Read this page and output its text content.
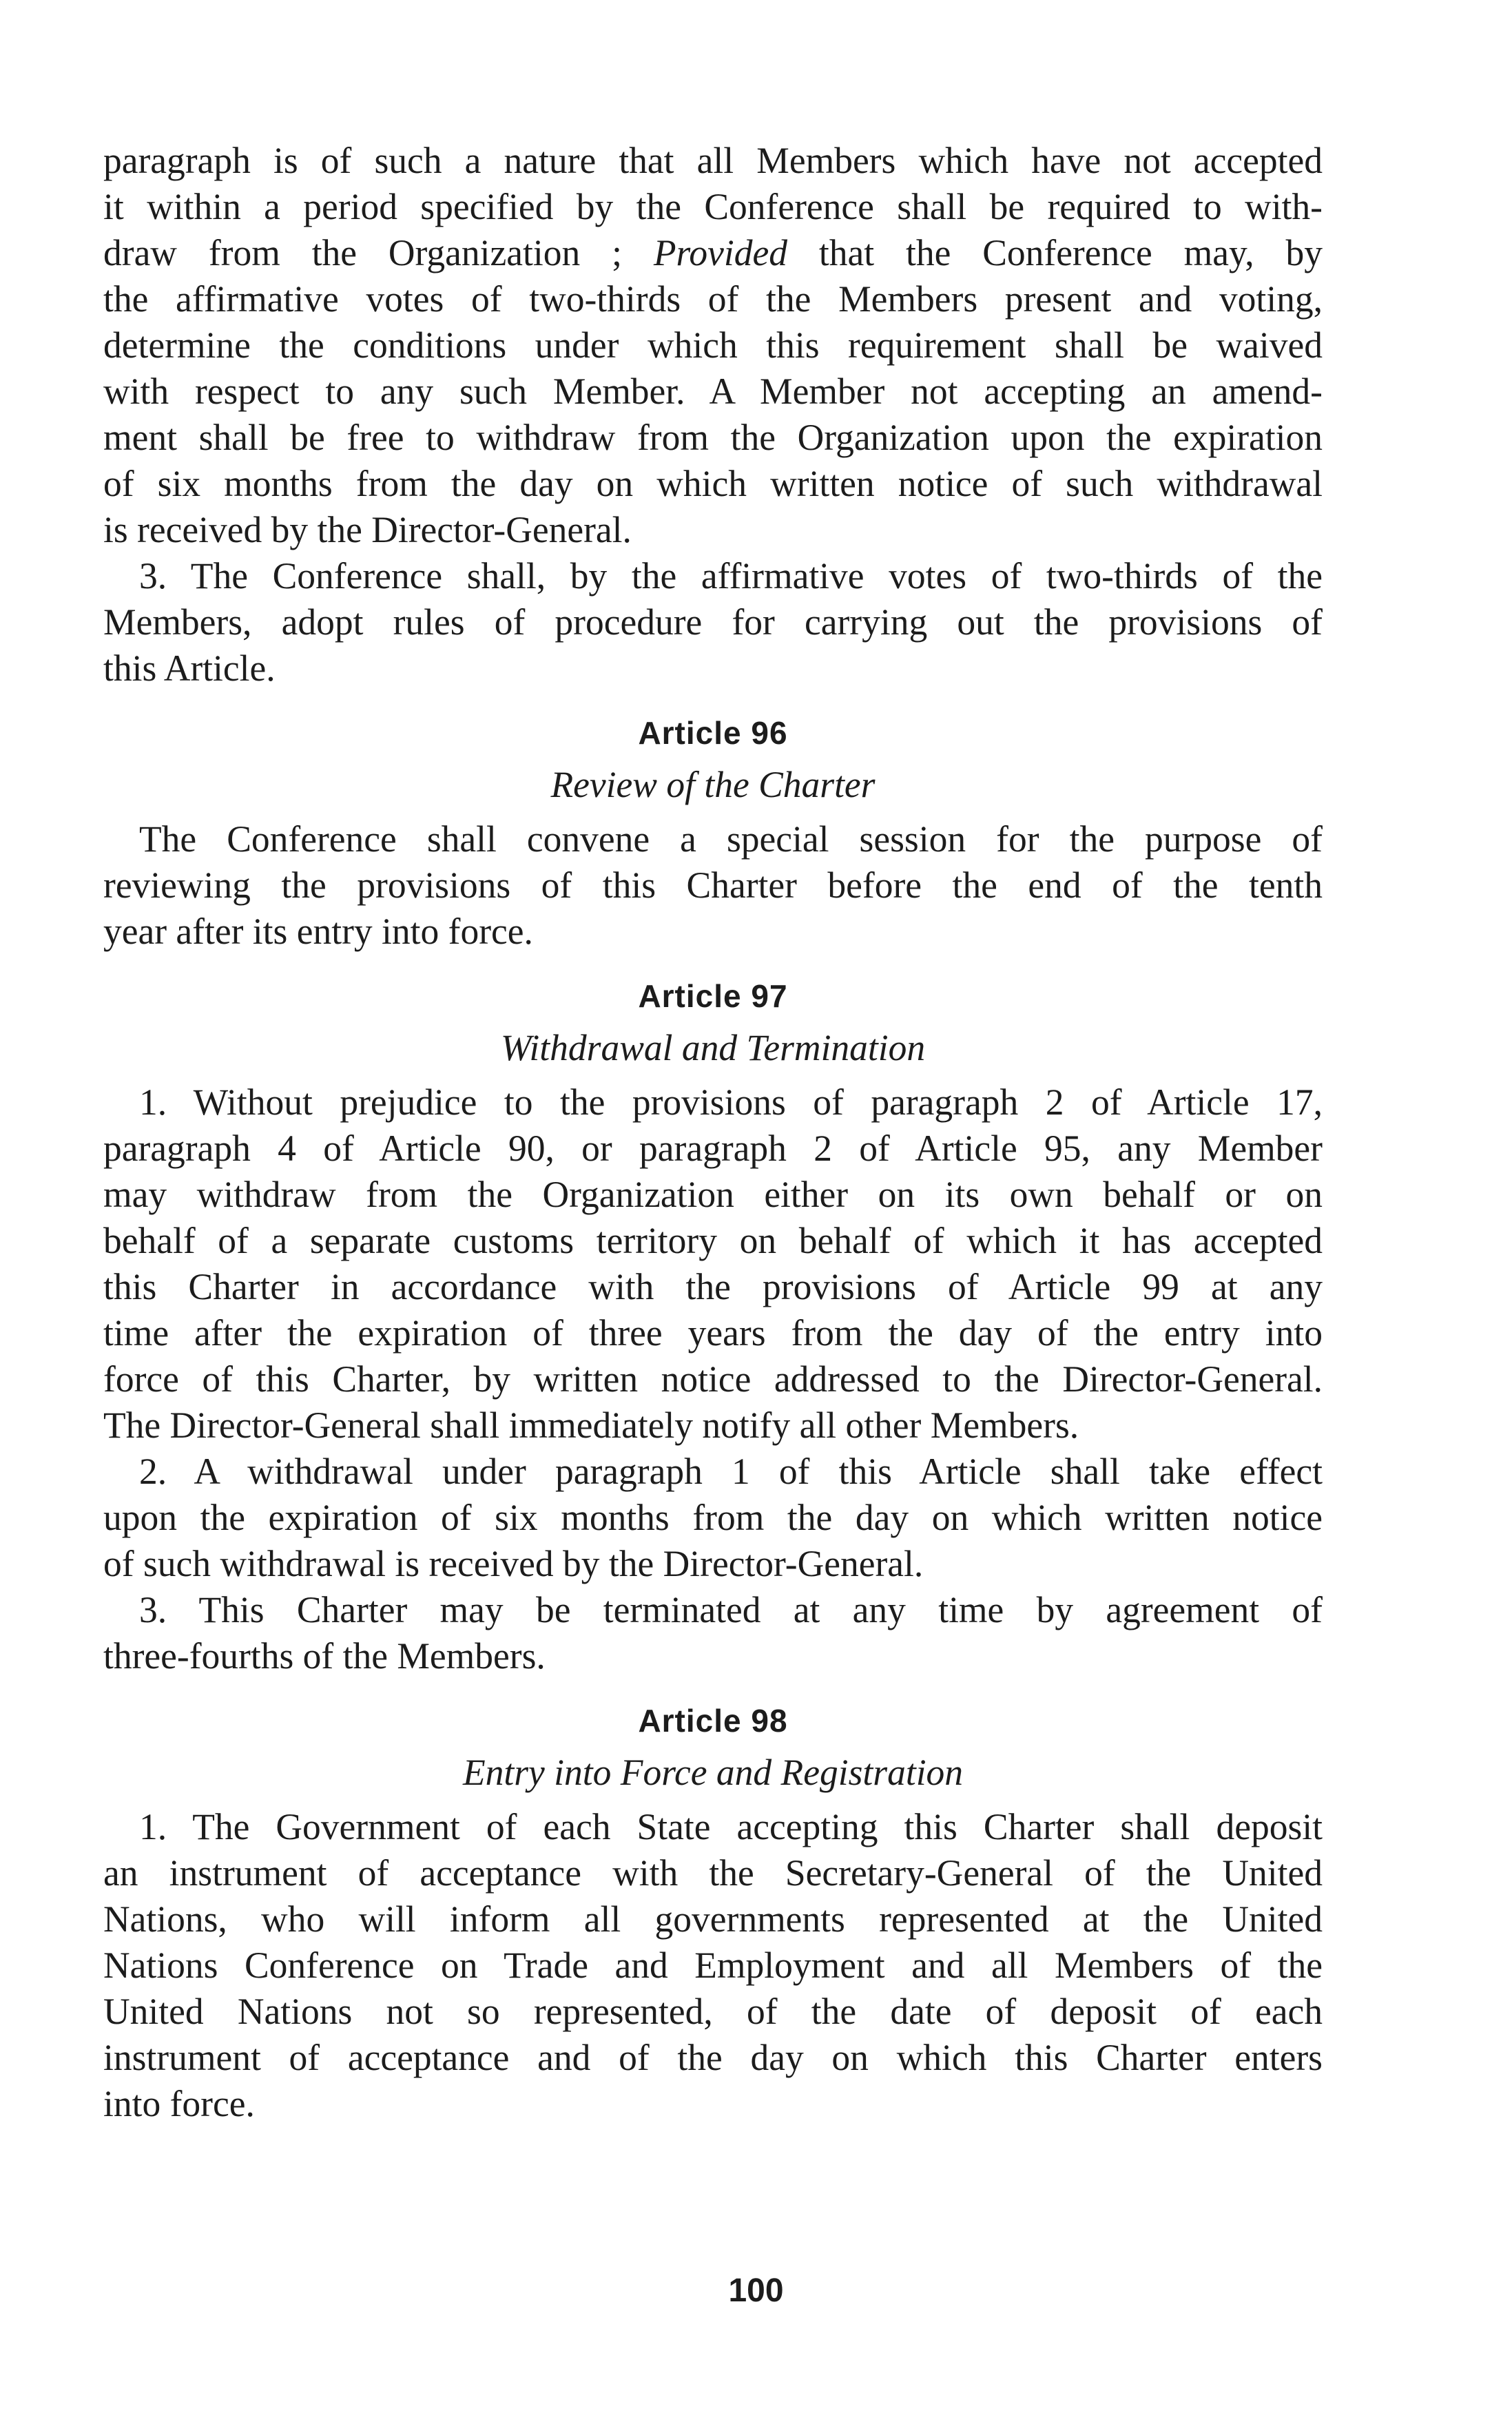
paragraph is of such a nature that all Members which have not accepted
it within a period specified by the Conference shall be required to with-
draw from the Organization ; Provided that the Conference may, by
the affirmative votes of two-thirds of the Members present and voting,
determine the conditions under which this requirement shall be waived
with respect to any such Member. A Member not accepting an amend-
ment shall be free to withdraw from the Organization upon the expiration
of six months from the day on which written notice of such withdrawal
is received by the Director-General.
3. The Conference shall, by the affirmative votes of two-thirds of the
Members, adopt rules of procedure for carrying out the provisions of
this Article.
Article 96
Review of the Charter
The Conference shall convene a special session for the purpose of
reviewing the provisions of this Charter before the end of the tenth
year after its entry into force.
Article 97
Withdrawal and Termination
1. Without prejudice to the provisions of paragraph 2 of Article 17,
paragraph 4 of Article 90, or paragraph 2 of Article 95, any Member
may withdraw from the Organization either on its own behalf or on
behalf of a separate customs territory on behalf of which it has accepted
this Charter in accordance with the provisions of Article 99 at any
time after the expiration of three years from the day of the entry into
force of this Charter, by written notice addressed to the Director-General.
The Director-General shall immediately notify all other Members.
2. A withdrawal under paragraph 1 of this Article shall take effect
upon the expiration of six months from the day on which written notice
of such withdrawal is received by the Director-General.
3. This Charter may be terminated at any time by agreement of
three-fourths of the Members.
Article 98
Entry into Force and Registration
1. The Government of each State accepting this Charter shall deposit
an instrument of acceptance with the Secretary-General of the United
Nations, who will inform all governments represented at the United
Nations Conference on Trade and Employment and all Members of the
United Nations not so represented, of the date of deposit of each
instrument of acceptance and of the day on which this Charter enters
into force.
100
